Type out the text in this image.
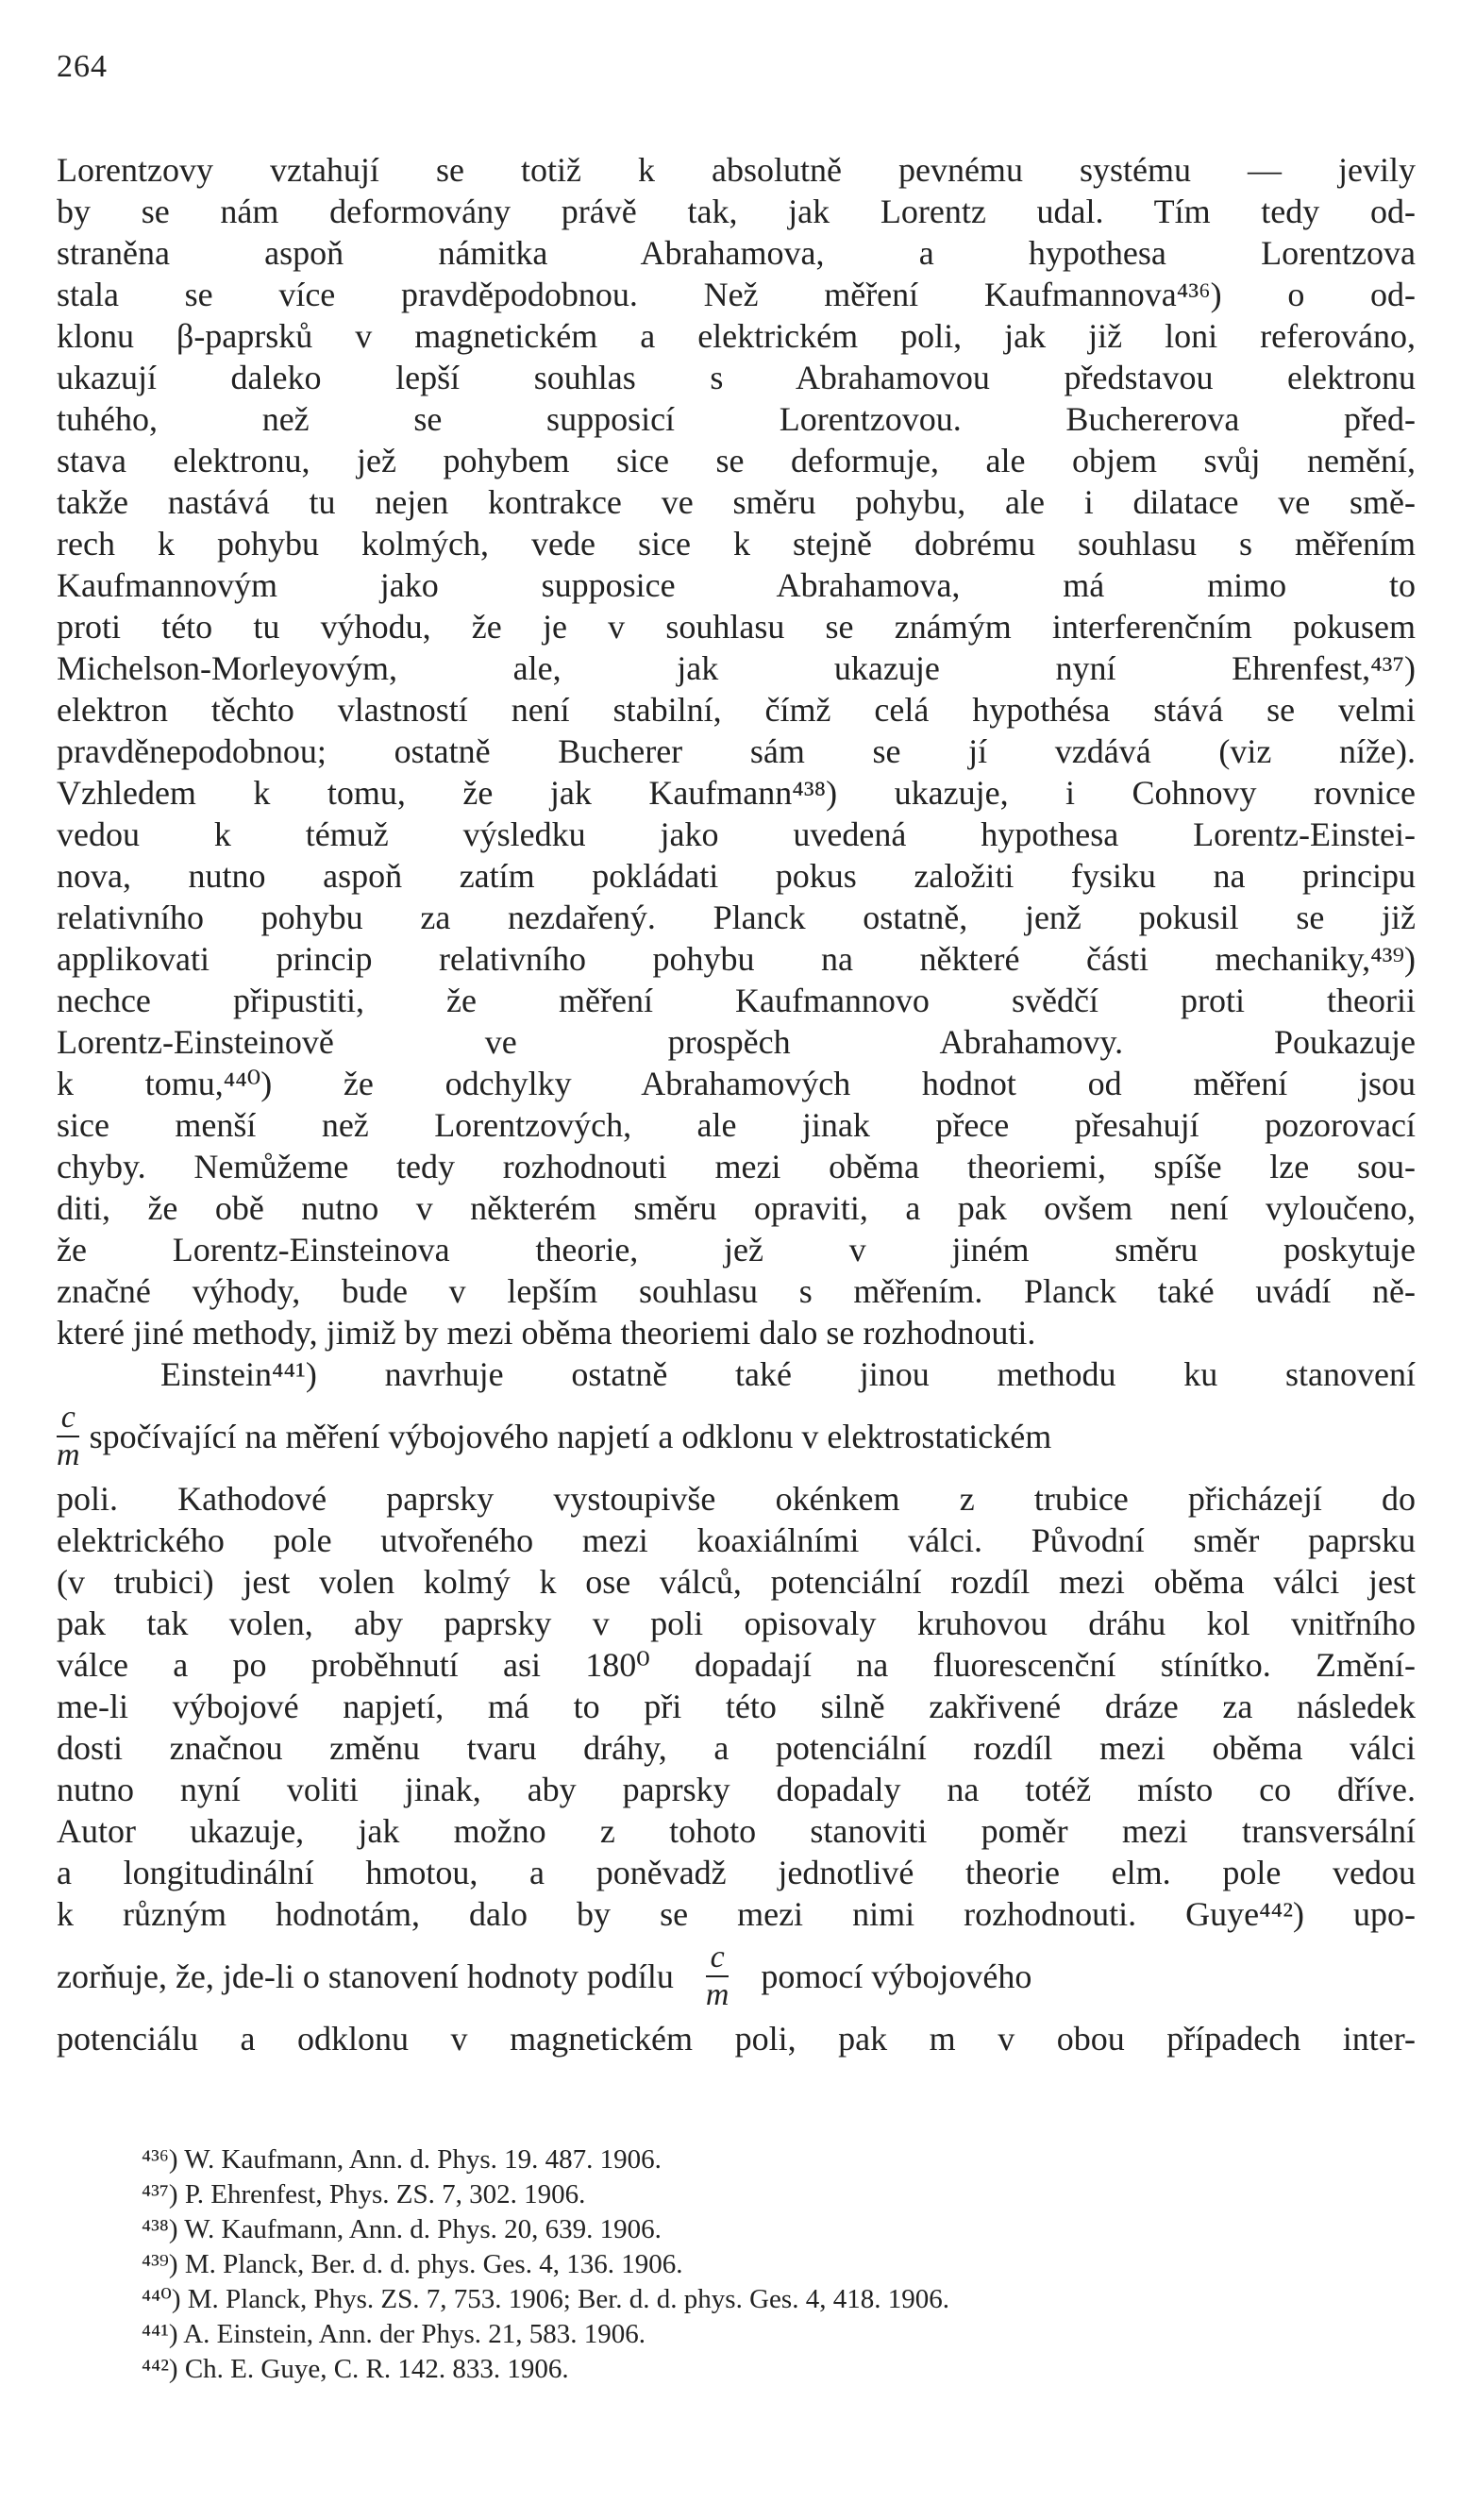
264
Lorentzovy vztahují se totiž k absolutně pevnému systému — jevily
by se nám deformovány právě tak, jak Lorentz udal. Tím tedy od-
straněna aspoň námitka Abrahamova, a hypothesa Lorentzova
stala se více pravděpodobnou. Než měření Kaufmannova⁴³⁶) o od-
klonu β-paprsků v magnetickém a elektrickém poli, jak již loni referováno,
ukazují daleko lepší souhlas s Abrahamovou představou elektronu
tuhého, než se supposicí Lorentzovou. Buchererova před-
stava elektronu, jež pohybem sice se deformuje, ale objem svůj nemění,
takže nastává tu nejen kontrakce ve směru pohybu, ale i dilatace ve smě-
rech k pohybu kolmých, vede sice k stejně dobrému souhlasu s měřením
Kaufmannovým jako supposice Abrahamova, má mimo to
proti této tu výhodu, že je v souhlasu se známým interferenčním pokusem
Michelson-Morleyovým, ale, jak ukazuje nyní Ehrenfest,⁴³⁷)
elektron těchto vlastností není stabilní, čímž celá hypothésa stává se velmi
pravděnepodobnou; ostatně Bucherer sám se jí vzdává (viz níže).
Vzhledem k tomu, že jak Kaufmann⁴³⁸) ukazuje, i Cohnovy rovnice
vedou k témuž výsledku jako uvedená hypothesa Lorentz-Einstei-
nova, nutno aspoň zatím pokládati pokus založiti fysiku na principu
relativního pohybu za nezdařený. Planck ostatně, jenž pokusil se již
applikovati princip relativního pohybu na některé části mechaniky,⁴³⁹)
nechce připustiti, že měření Kaufmannovo svědčí proti theorii
Lorentz-Einsteinově ve prospěch Abrahamovy. Poukazuje
k tomu,⁴⁴⁰) že odchylky Abrahamových hodnot od měření jsou
sice menší než Lorentzových, ale jinak přece přesahují pozorovací
chyby. Nemůžeme tedy rozhodnouti mezi oběma theoriemi, spíše lze sou-
diti, že obě nutno v některém směru opraviti, a pak ovšem není vyloučeno,
že Lorentz-Einsteinova theorie, jež v jiném směru poskytuje
značné výhody, bude v lepším souhlasu s měřením. Planck také uvádí ně-
které jiné methody, jimiž by mezi oběma theoriemi dalo se rozhodnouti.
Einstein⁴⁴¹) navrhuje ostatně také jinou methodu ku stanovení
$\frac{c}{m}$ spočívající na měření výbojového napjetí a odklonu v elektrostatickém
poli. Kathodové paprsky vystoupivše okénkem z trubice přicházejí do
elektrického pole utvořeného mezi koaxiálními válci. Původní směr paprsku
(v trubici) jest volen kolmý k ose válců, potenciální rozdíl mezi oběma válci jest
pak tak volen, aby paprsky v poli opisovaly kruhovou dráhu kol vnitřního
válce a po proběhnutí asi 180⁰ dopadají na fluorescenční stínítko. Změní-
me-li výbojové napjetí, má to při této silně zakřivené dráze za následek
dosti značnou změnu tvaru dráhy, a potenciální rozdíl mezi oběma válci
nutno nyní voliti jinak, aby paprsky dopadaly na totéž místo co dříve.
Autor ukazuje, jak možno z tohoto stanoviti poměr mezi transversální
a longitudinální hmotou, a poněvadž jednotlivé theorie elm. pole vedou
k různým hodnotám, dalo by se mezi nimi rozhodnouti. Guye⁴⁴²) upo-
zorňuje, že, jde-li o stanovení hodnoty podílu $\frac{c}{m}$ pomocí výbojového
potenciálu a odklonu v magnetickém poli, pak m v obou případech inter-
⁴³⁶) W. Kaufmann, Ann. d. Phys. 19. 487. 1906.
⁴³⁷) P. Ehrenfest, Phys. ZS. 7, 302. 1906.
⁴³⁸) W. Kaufmann, Ann. d. Phys. 20, 639. 1906.
⁴³⁹) M. Planck, Ber. d. d. phys. Ges. 4, 136. 1906.
⁴⁴⁰) M. Planck, Phys. ZS. 7, 753. 1906; Ber. d. d. phys. Ges. 4, 418. 1906.
⁴⁴¹) A. Einstein, Ann. der Phys. 21, 583. 1906.
⁴⁴²) Ch. E. Guye, C. R. 142. 833. 1906.
